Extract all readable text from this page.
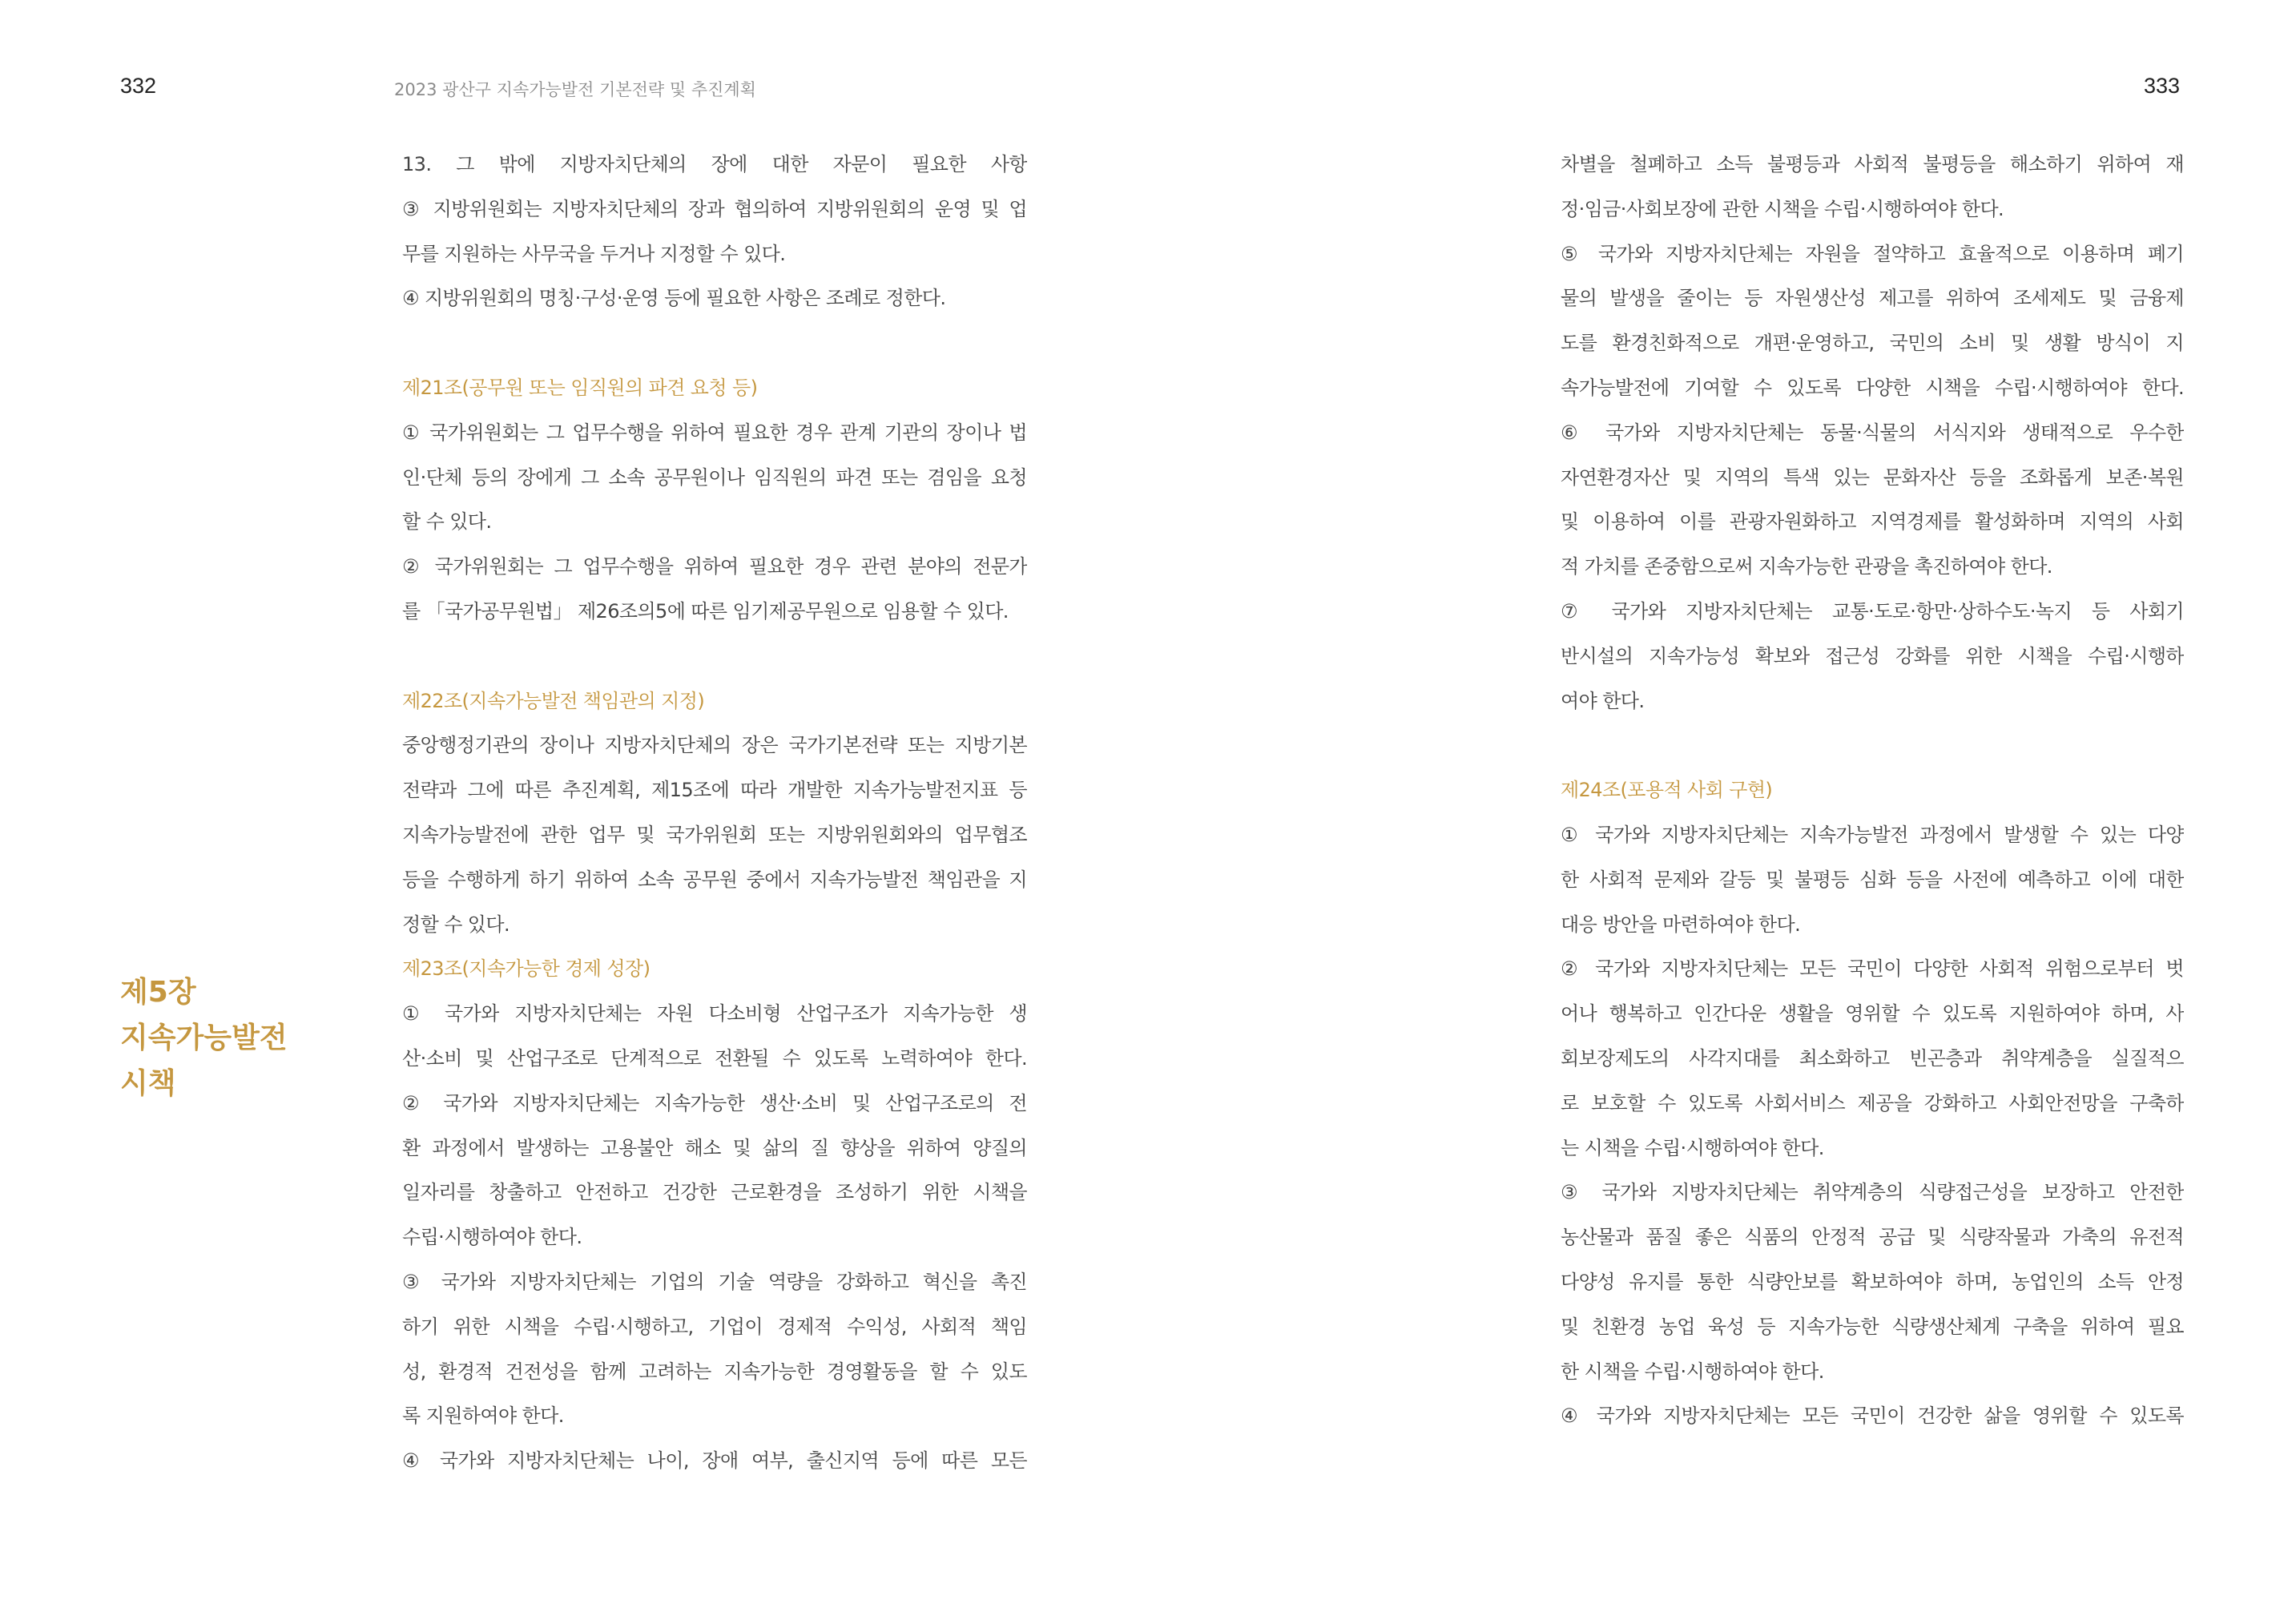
332	2023 광산구 지속가능발전 기본전략 및 추진계획	333
제5장
지속가능발전
시책
13. 그 밖에 지방자치단체의 장에 대한 자문이 필요한 사항
③ 지방위원회는 지방자치단체의 장과 협의하여 지방위원회의 운영 및 업
무를 지원하는 사무국을 두거나 지정할 수 있다.
④ 지방위원회의 명칭·구성·운영 등에 필요한 사항은 조례로 정한다.
제21조(공무원 또는 임직원의 파견 요청 등)
① 국가위원회는 그 업무수행을 위하여 필요한 경우 관계 기관의 장이나 법
인·단체 등의 장에게 그 소속 공무원이나 임직원의 파견 또는 겸임을 요청
할 수 있다.
② 국가위원회는 그 업무수행을 위하여 필요한 경우 관련 분야의 전문가
를 「국가공무원법」 제26조의5에 따른 임기제공무원으로 임용할 수 있다.
제22조(지속가능발전 책임관의 지정)
중앙행정기관의 장이나 지방자치단체의 장은 국가기본전략 또는 지방기본
전략과 그에 따른 추진계획, 제15조에 따라 개발한 지속가능발전지표 등
지속가능발전에 관한 업무 및 국가위원회 또는 지방위원회와의 업무협조
등을 수행하게 하기 위하여 소속 공무원 중에서 지속가능발전 책임관을 지
정할 수 있다.
제23조(지속가능한 경제 성장)
① 국가와 지방자치단체는 자원 다소비형 산업구조가 지속가능한 생
산·소비 및 산업구조로 단계적으로 전환될 수 있도록 노력하여야 한다.
② 국가와 지방자치단체는 지속가능한 생산·소비 및 산업구조로의 전
환 과정에서 발생하는 고용불안 해소 및 삶의 질 향상을 위하여 양질의
일자리를 창출하고 안전하고 건강한 근로환경을 조성하기 위한 시책을
수립·시행하여야 한다.
③ 국가와 지방자치단체는 기업의 기술 역량을 강화하고 혁신을 촉진
하기 위한 시책을 수립·시행하고, 기업이 경제적 수익성, 사회적 책임
성, 환경적 건전성을 함께 고려하는 지속가능한 경영활동을 할 수 있도
록 지원하여야 한다.
④ 국가와 지방자치단체는 나이, 장애 여부, 출신지역 등에 따른 모든
차별을 철폐하고 소득 불평등과 사회적 불평등을 해소하기 위하여 재
정·임금·사회보장에 관한 시책을 수립·시행하여야 한다.
⑤ 국가와 지방자치단체는 자원을 절약하고 효율적으로 이용하며 폐기
물의 발생을 줄이는 등 자원생산성 제고를 위하여 조세제도 및 금융제
도를 환경친화적으로 개편·운영하고, 국민의 소비 및 생활 방식이 지
속가능발전에 기여할 수 있도록 다양한 시책을 수립·시행하여야 한다.
⑥ 국가와 지방자치단체는 동물·식물의 서식지와 생태적으로 우수한
자연환경자산 및 지역의 특색 있는 문화자산 등을 조화롭게 보존·복원
및 이용하여 이를 관광자원화하고 지역경제를 활성화하며 지역의 사회
적 가치를 존중함으로써 지속가능한 관광을 촉진하여야 한다.
⑦ 국가와 지방자치단체는 교통·도로·항만·상하수도·녹지 등 사회기
반시설의 지속가능성 확보와 접근성 강화를 위한 시책을 수립·시행하
여야 한다.
제24조(포용적 사회 구현)
① 국가와 지방자치단체는 지속가능발전 과정에서 발생할 수 있는 다양
한 사회적 문제와 갈등 및 불평등 심화 등을 사전에 예측하고 이에 대한
대응 방안을 마련하여야 한다.
② 국가와 지방자치단체는 모든 국민이 다양한 사회적 위험으로부터 벗
어나 행복하고 인간다운 생활을 영위할 수 있도록 지원하여야 하며, 사
회보장제도의 사각지대를 최소화하고 빈곤층과 취약계층을 실질적으
로 보호할 수 있도록 사회서비스 제공을 강화하고 사회안전망을 구축하
는 시책을 수립·시행하여야 한다.
③ 국가와 지방자치단체는 취약계층의 식량접근성을 보장하고 안전한
농산물과 품질 좋은 식품의 안정적 공급 및 식량작물과 가축의 유전적
다양성 유지를 통한 식량안보를 확보하여야 하며, 농업인의 소득 안정
및 친환경 농업 육성 등 지속가능한 식량생산체계 구축을 위하여 필요
한 시책을 수립·시행하여야 한다.
④ 국가와 지방자치단체는 모든 국민이 건강한 삶을 영위할 수 있도록
